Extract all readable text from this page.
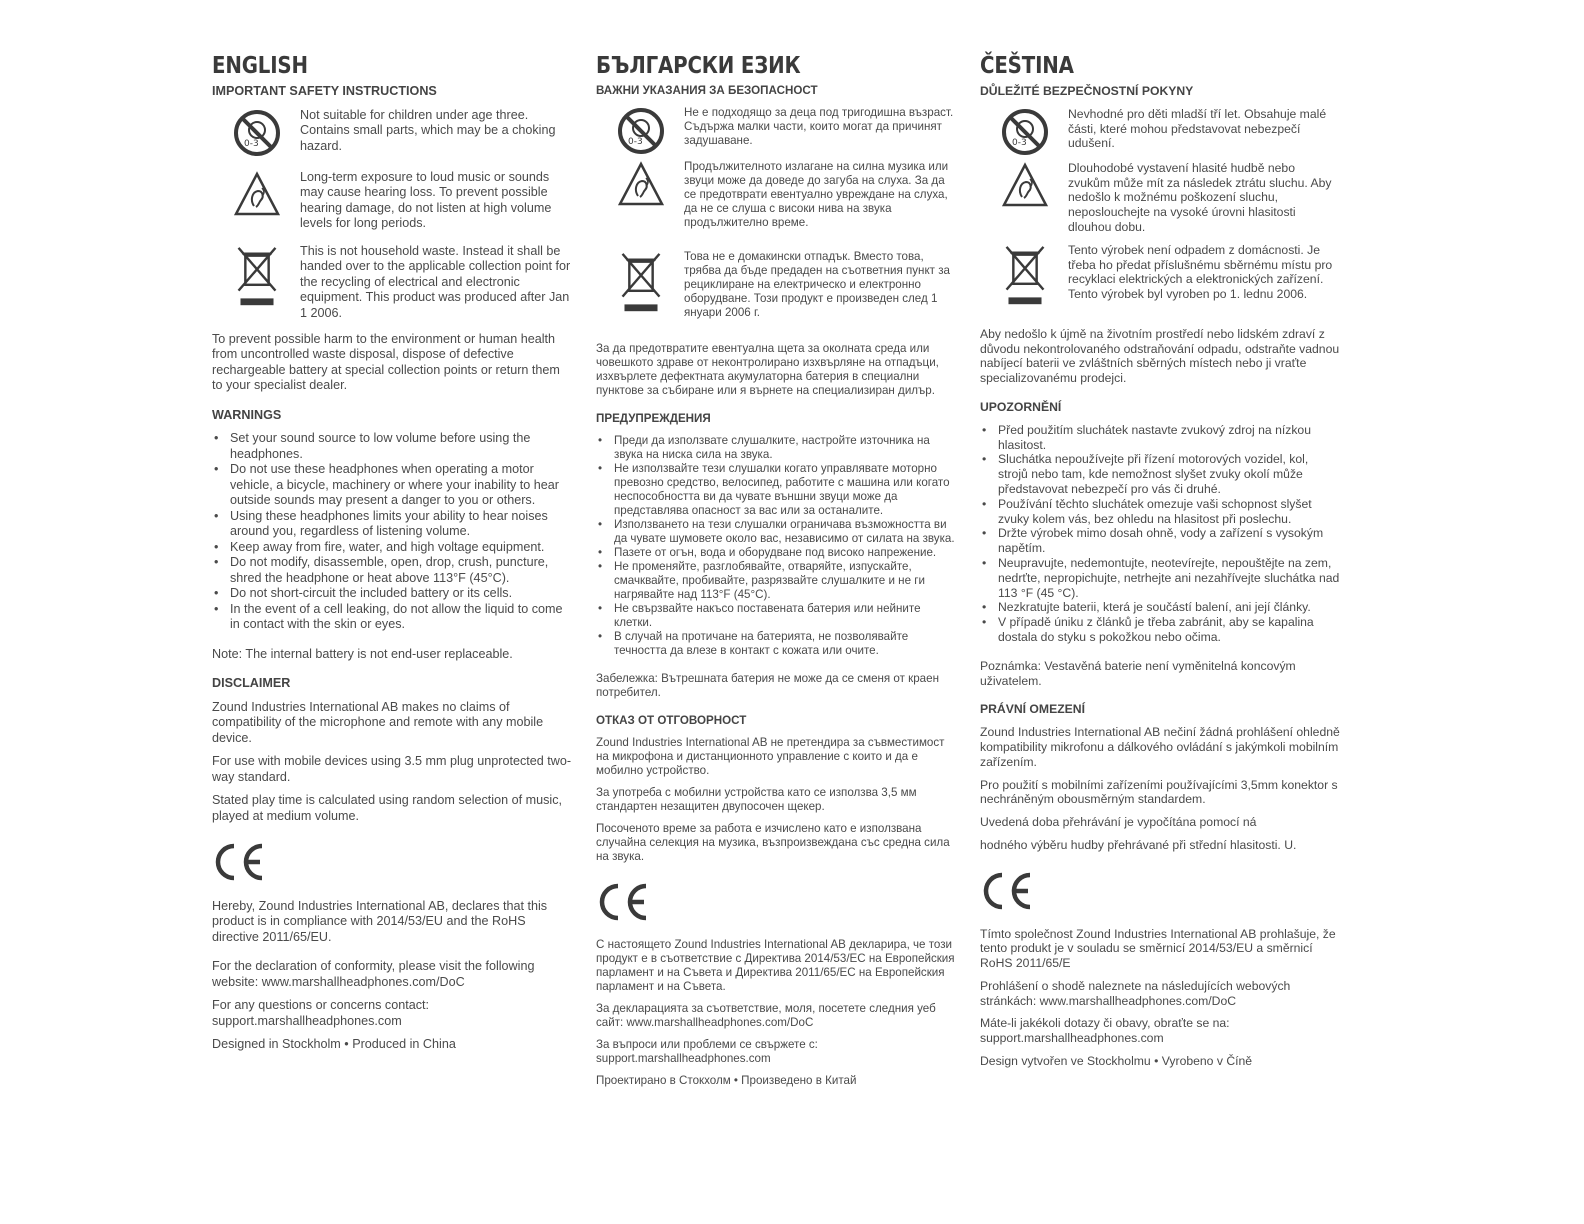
ENGLISH
IMPORTANT SAFETY INSTRUCTIONS
0-3

Not suitable for children under age three. Contains small parts, which may be a choking hazard.

Long-term exposure to loud music or sounds may cause hearing loss. To prevent possible hearing damage, do not listen at high volume levels for long periods.

This is not household waste. Instead it shall be handed over to the applicable collection point for the recycling of electrical and electronic equipment. This product was produced after Jan 1 2006.

To prevent possible harm to the environment or human health from uncontrolled waste disposal, dispose of defective rechargeable battery at special collection points or return them to your specialist dealer.

WARNINGS
• Set your sound source to low volume before using the headphones.
• Do not use these headphones when operating a motor vehicle, a bicycle, machinery or where your inability to hear outside sounds may present a danger to you or others.
• Using these headphones limits your ability to hear noises around you, regardless of listening volume.
• Keep away from fire, water, and high voltage equipment.
• Do not modify, disassemble, open, drop, crush, puncture, shred the headphone or heat above 113°F (45°C).
• Do not short-circuit the included battery or its cells.
• In the event of a cell leaking, do not allow the liquid to come in contact with the skin or eyes.

Note: The internal battery is not end-user replaceable.

DISCLAIMER

Zound Industries International AB makes no claims of compatibility of the microphone and remote with any mobile device.

For use with mobile devices using 3.5 mm plug unprotected two-way standard.

Stated play time is calculated using random selection of music, played at medium volume.

Hereby, Zound Industries International AB, declares that this product is in compliance with 2014/53/EU and the RoHS directive 2011/65/EU.

For the declaration of conformity, please visit the following website: www.marshallheadphones.com/DoC

For any questions or concerns contact: support.marshallheadphones.com

Designed in Stockholm • Produced in China

БЪЛГАРСКИ ЕЗИК
ВАЖНИ УКАЗАНИЯ ЗА БЕЗОПАСНОСТ
0-3

Не е подходящо за деца под тригодишна възраст. Съдържа малки части, които могат да причинят задушаване.

Продължителното излагане на силна музика или звуци може да доведе до загуба на слуха. За да се предотврати евентуално увреждане на слуха, да не се слуша с високи нива на звука продължително време.

Това не е домакински отпадък. Вместо това, трябва да бъде предаден на съответния пункт за рециклиране на електрическо и електронно оборудване. Този продукт е произведен след 1 януари 2006 г.

За да предотвратите евентуална щета за околната среда или човешкото здраве от неконтролирано изхвърляне на отпадъци, изхвърлете дефектната акумулаторна батерия в специални пунктове за събиране или я върнете на специализиран дилър.

ПРЕДУПРЕЖДЕНИЯ
• Преди да използвате слушалките, настройте източника на звука на ниска сила на звука.
• Не използвайте тези слушалки когато управлявате моторно превозно средство, велосипед, работите с машина или когато неспособността ви да чувате външни звуци може да представлява опасност за вас или за останалите.
• Използването на тези слушалки ограничава възможността ви да чувате шумовете около вас, независимо от силата на звука.
• Пазете от огън, вода и оборудване под високо напрежение.
• Не променяйте, разглобявайте, отваряйте, изпускайте, смачквайте, пробивайте, разрязвайте слушалките и не ги нагрявайте над 113°F (45°C).
• Не свързвайте накъсо поставената батерия или нейните клетки.
• В случай на протичане на батерията, не позволявайте течността да влезе в контакт с кожата или очите.

Забележка: Вътрешната батерия не може да се сменя от краен потребител.

ОТКАЗ ОТ ОТГОВОРНОСТ

Zound Industries International AB не претендира за съвместимост на микрофона и дистанционното управление с които и да е мобилно устройство.

За употреба с мобилни устройства като се използва 3,5 мм стандартен незащитен двупосочен щекер.

Посоченото време за работа е изчислено като е използвана случайна селекция на музика, възпроизвеждана със средна сила на звука.

С настоящето Zound Industries International AB декларира, че този продукт е в съответствие с Директива 2014/53/ЕС на Европейския парламент и на Съвета и Директива 2011/65/ЕС на Европейския парламент и на Съвета.

За декларацията за съответствие, моля, посетете следния уеб сайт: www.marshallheadphones.com/DoC

За въпроси или проблеми се свържете с: support.marshallheadphones.com

Проектирано в Стокхолм • Произведено в Китай

ČEŠTINA
DŮLEŽITÉ BEZPEČNOSTNÍ POKYNY
0-3

Nevhodné pro děti mladší tří let. Obsahuje malé části, které mohou představovat nebezpečí udušení.

Dlouhodobé vystavení hlasité hudbě nebo zvukům může mít za následek ztrátu sluchu. Aby nedošlo k možnému poškození sluchu, neposlouchejte na vysoké úrovni hlasitosti dlouhou dobu.

Tento výrobek není odpadem z domácnosti. Je třeba ho předat příslušnému sběrnému místu pro recyklaci elektrických a elektronických zařízení. Tento výrobek byl vyroben po 1. lednu 2006.

Aby nedošlo k újmě na životním prostředí nebo lidském zdraví z důvodu nekontrolovaného odstraňování odpadu, odstraňte vadnou nabíjecí baterii ve zvláštních sběrných místech nebo ji vraťte specializovanému prodejci.

UPOZORNĚNÍ
• Před použitím sluchátek nastavte zvukový zdroj na nízkou hlasitost.
• Sluchátka nepoužívejte při řízení motorových vozidel, kol, strojů nebo tam, kde nemožnost slyšet zvuky okolí může představovat nebezpečí pro vás či druhé.
• Používání těchto sluchátek omezuje vaši schopnost slyšet zvuky kolem vás, bez ohledu na hlasitost při poslechu.
• Držte výrobek mimo dosah ohně, vody a zařízení s vysokým napětím.
• Neupravujte, nedemontujte, neotevírejte, nepouštějte na zem, nedrťte, nepropichujte, netrhejte ani nezahřívejte sluchátka nad 113 °F (45 °C).
• Nezkratujte baterii, která je součástí balení, ani její články.
• V případě úniku z článků je třeba zabránit, aby se kapalina dostala do styku s pokožkou nebo očima.

Poznámka: Vestavěná baterie není vyměnitelná koncovým uživatelem.

PRÁVNÍ OMEZENÍ

Zound Industries International AB nečiní žádná prohlášení ohledně kompatibility mikrofonu a dálkového ovládání s jakýmkoli mobilním zařízením.

Pro použití s mobilními zařízeními používajícími 3,5mm konektor s nechráněným obousměrným standardem.

Uvedená doba přehrávání je vypočítána pomocí ná

hodného výběru hudby přehrávané při střední hlasitosti. U.

Tímto společnost Zound Industries International AB prohlašuje, že tento produkt je v souladu se směrnicí 2014/53/EU a směrnicí RoHS 2011/65/E

Prohlášení o shodě naleznete na následujících webových stránkách: www.marshallheadphones.com/DoC

Máte-li jakékoli dotazy či obavy, obraťte se na: support.marshallheadphones.com

Design vytvořen ve Stockholmu • Vyrobeno v Číně
